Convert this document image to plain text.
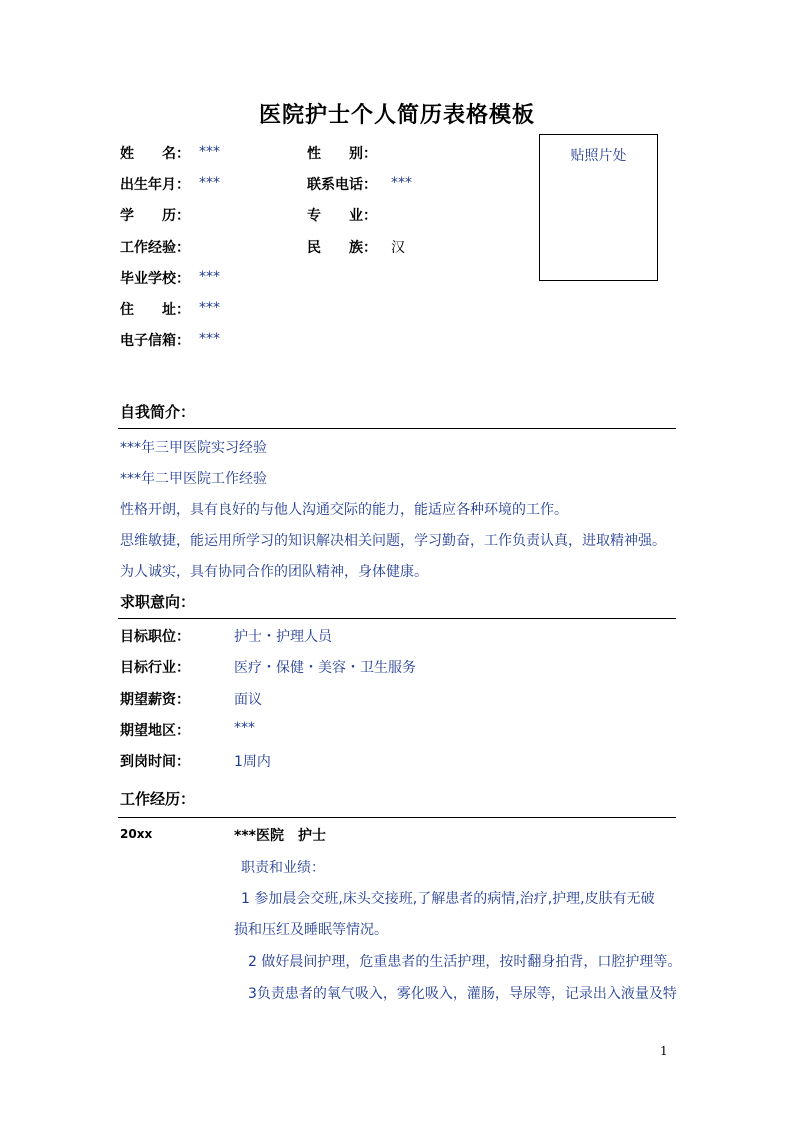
医院护士个人简历表格模板
姓　　名： ***	性　　别：
出生年月： ***	联系电话： ***
学　　历：	专　　业：
工作经验：	民　　族： 汉
毕业学校： ***
住　　址： ***
电子信箱： ***
贴照片处
自我简介：
***年三甲医院实习经验
***年二甲医院工作经验
性格开朗，具有良好的与他人沟通交际的能力，能适应各种环境的工作。
思维敏捷，能运用所学习的知识解决相关问题，学习勤奋，工作负责认真，进取精神强。
为人诚实，具有协同合作的团队精神，身体健康。
求职意向：
目标职位：	护士・护理人员
目标行业：	医疗・保健・美容・卫生服务
期望薪资：	面议
期望地区：	***
到岗时间：	1周内
工作经历：
20xx	***医院　护士
职责和业绩：
1 参加晨会交班,床头交接班,了解患者的病情,治疗,护理,皮肤有无破
损和压红及睡眠等情况。
2 做好晨间护理，危重患者的生活护理，按时翻身拍背，口腔护理等。
3负责患者的氧气吸入，雾化吸入，灌肠，导尿等，记录出入液量及特
1
